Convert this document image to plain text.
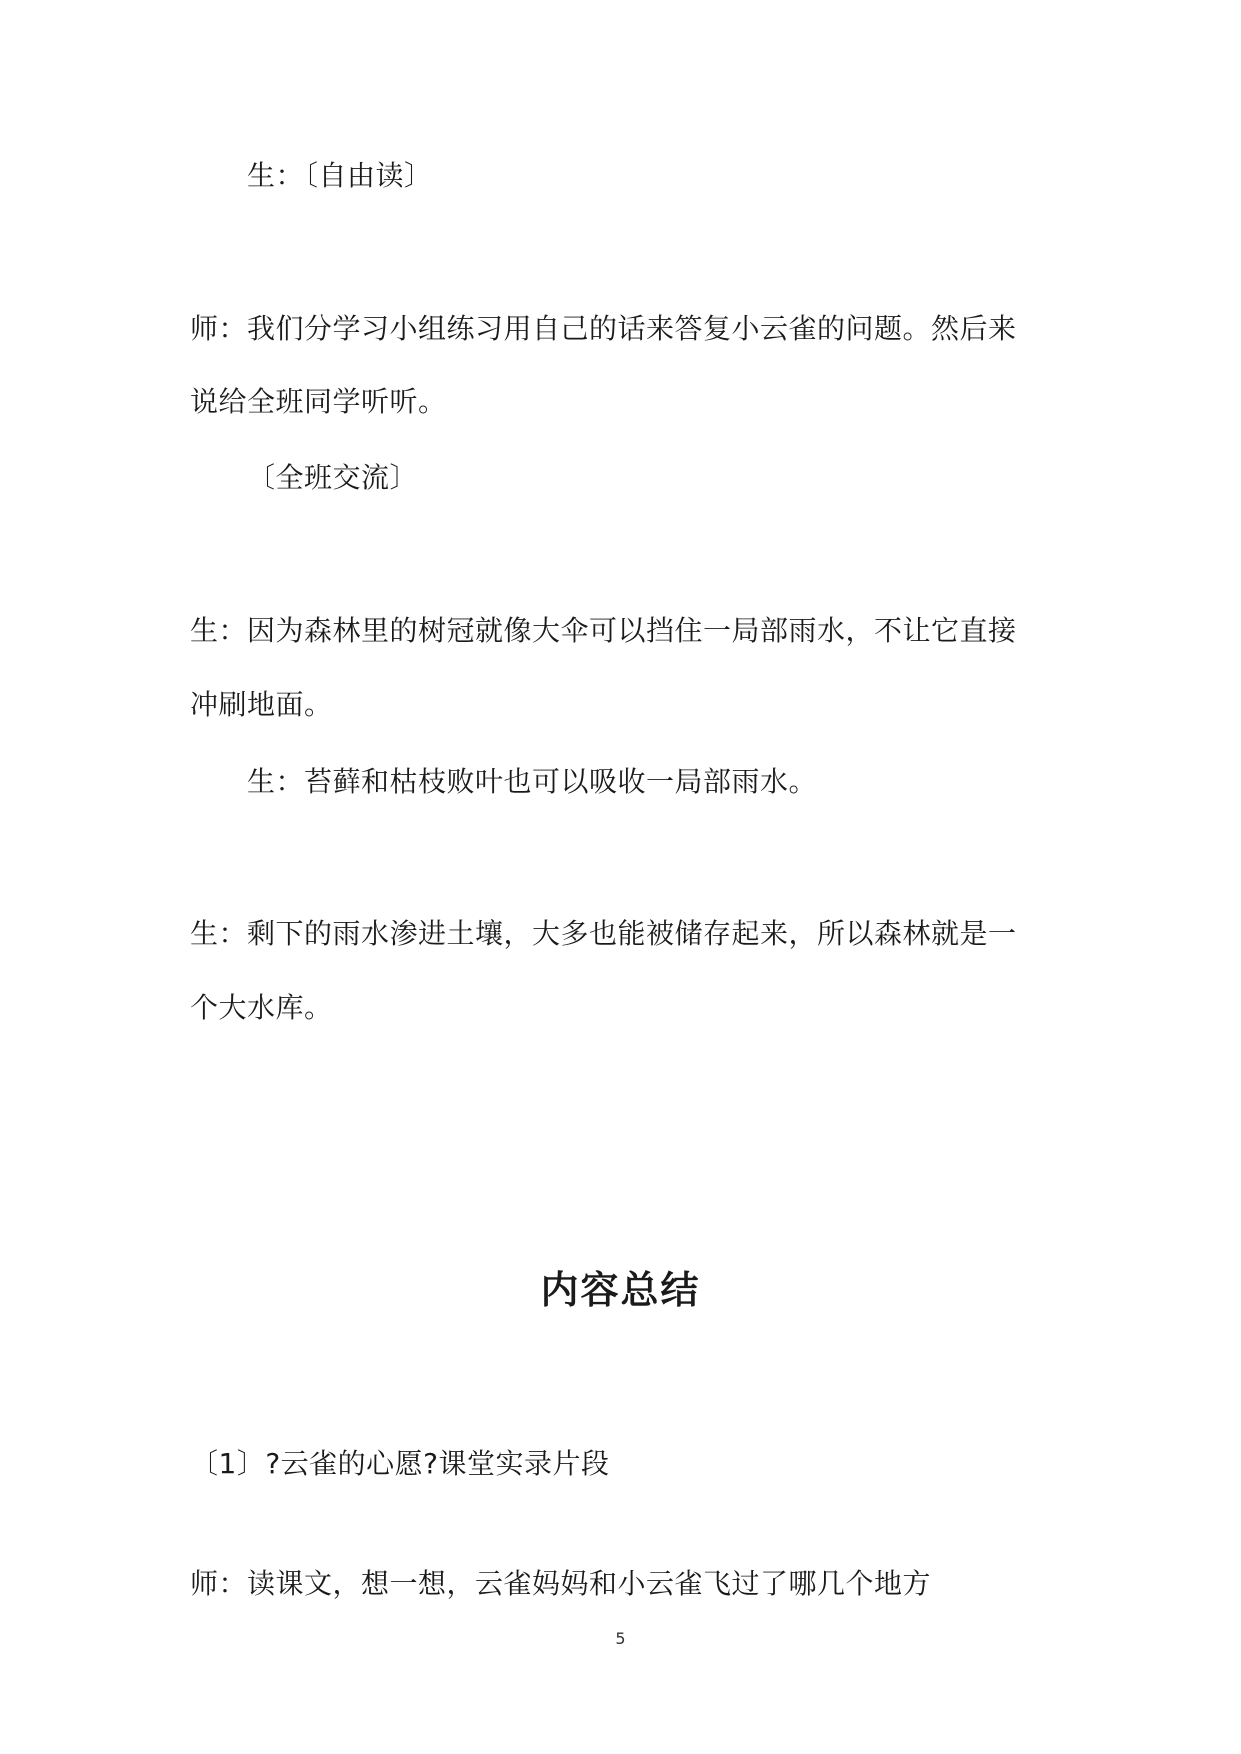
生：〔自由读〕
师：我们分学习小组练习用自己的话来答复小云雀的问题。然后来
说给全班同学听听。
〔全班交流〕
生：因为森林里的树冠就像大伞可以挡住一局部雨水，不让它直接
冲刷地面。
生：苔藓和枯枝败叶也可以吸收一局部雨水。
生：剩下的雨水渗进土壤，大多也能被储存起来，所以森林就是一
个大水库。
内容总结
〔1〕?云雀的心愿?课堂实录片段
师：读课文，想一想，云雀妈妈和小云雀飞过了哪几个地方
5
